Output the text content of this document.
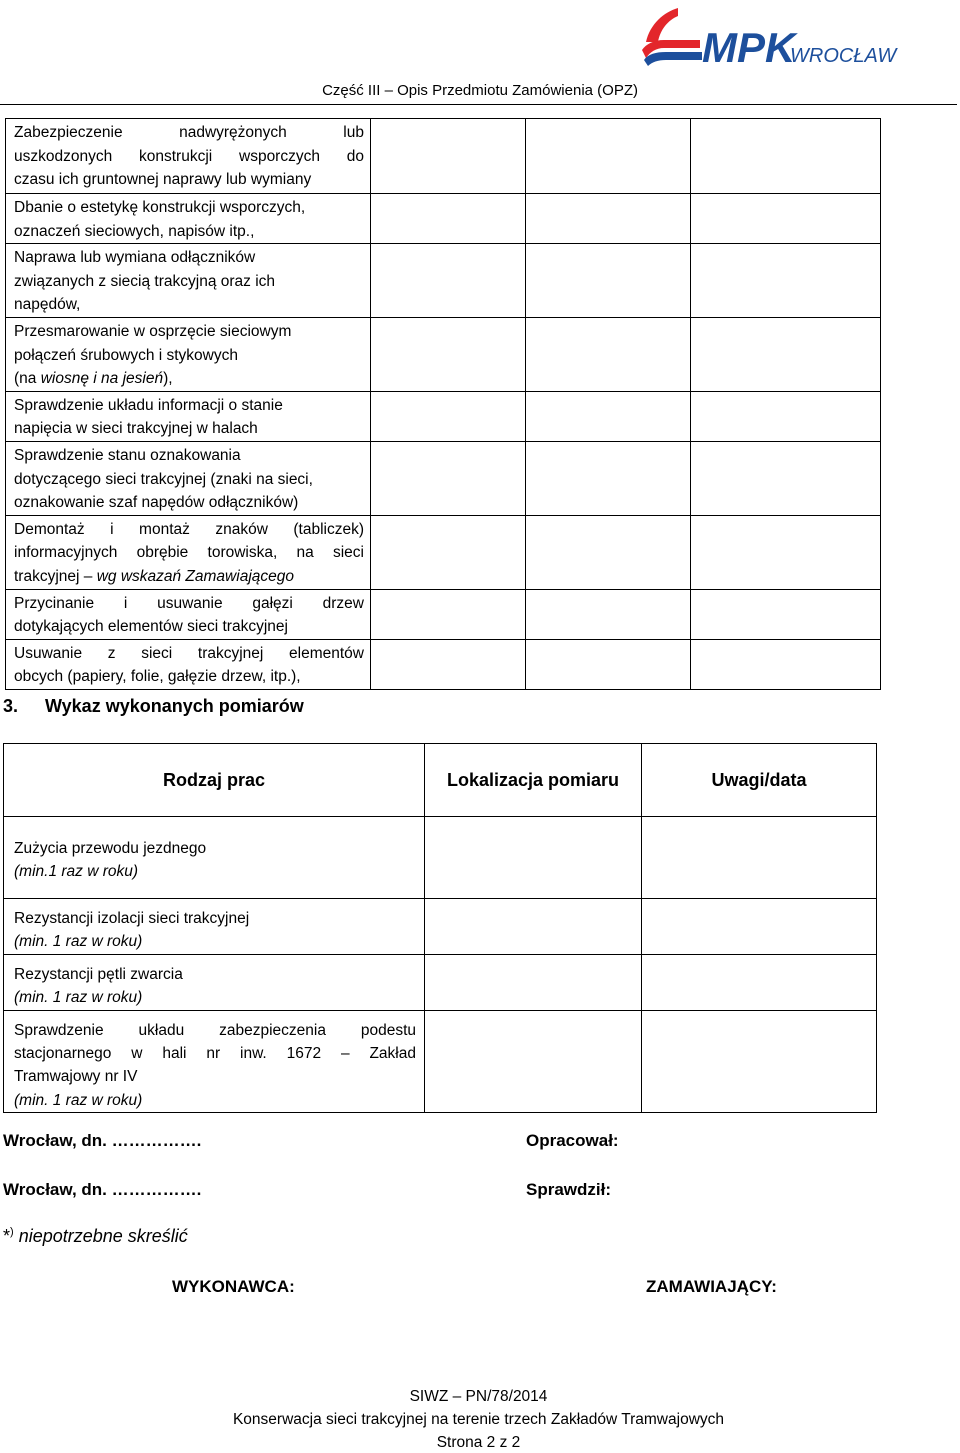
MPK
WROCŁAW
Część III – Opis Przedmiotu Zamówienia (OPZ)
Zabezpieczenie nadwyrężonych lub
uszkodzonych konstrukcji wsporczych do
czasu ich gruntownej naprawy lub wymiany			

Dbanie o estetykę konstrukcji wsporczych,
oznaczeń sieciowych, napisów itp.,			

Naprawa lub wymiana odłączników
związanych z siecią trakcyjną oraz ich
napędów,			

Przesmarowanie w osprzęcie sieciowym
połączeń śrubowych i stykowych
(na wiosnę i na jesień),			

Sprawdzenie układu informacji o stanie
napięcia w sieci trakcyjnej w halach			

Sprawdzenie stanu oznakowania
dotyczącego sieci trakcyjnej (znaki na sieci,
oznakowanie szaf napędów odłączników)			

Demontaż i montaż znaków (tabliczek)
informacyjnych obrębie torowiska, na sieci
trakcyjnej – wg wskazań Zamawiającego			

Przycinanie i usuwanie gałęzi drzew
dotykających elementów sieci trakcyjnej			

Usuwanie z sieci trakcyjnej elementów
obcych (papiery, folie, gałęzie drzew, itp.),			

3. Wykaz wykonanych pomiarów
Rodzaj prac	Lokalizacja pomiaru	Uwagi/data

Zużycia przewodu jezdnego
(min.1 raz w roku)		

Rezystancji izolacji sieci trakcyjnej
(min. 1 raz w roku)		

Rezystancji pętli zwarcia
(min. 1 raz w roku)		

Sprawdzenie układu zabezpieczenia podestu
stacjonarnego w hali nr inw. 1672 – Zakład
Tramwajowy nr IV
(min. 1 raz w roku)		

Wrocław, dn. …………….	Opracował:
Wrocław, dn. …………….	Sprawdził:
*) niepotrzebne skreślić
WYKONAWCA:	ZAMAWIAJĄCY:
SIWZ – PN/78/2014
Konserwacja sieci trakcyjnej na terenie trzech Zakładów Tramwajowych
Strona 2 z 2
